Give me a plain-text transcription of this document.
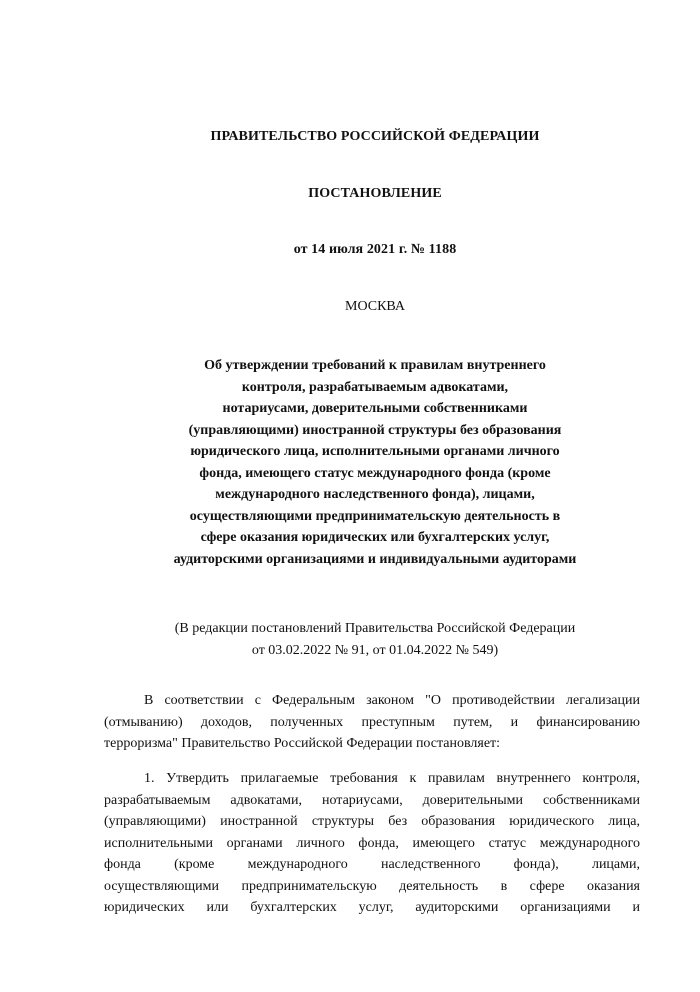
ПРАВИТЕЛЬСТВО РОССИЙСКОЙ ФЕДЕРАЦИИ
ПОСТАНОВЛЕНИЕ
от 14 июля 2021 г. № 1188
МОСКВА
Об утверждении требований к правилам внутреннего
контроля, разрабатываемым адвокатами,
нотариусами, доверительными собственниками
(управляющими) иностранной структуры без образования
юридического лица, исполнительными органами личного
фонда, имеющего статус международного фонда (кроме
международного наследственного фонда), лицами,
осуществляющими предпринимательскую деятельность в
сфере оказания юридических или бухгалтерских услуг,
аудиторскими организациями и индивидуальными аудиторами
(В редакции постановлений Правительства Российской Федерации
от 03.02.2022 № 91, от 01.04.2022 № 549)
В соответствии с Федеральным законом "О противодействии легализации
(отмыванию) доходов, полученных преступным путем, и финансированию
терроризма" Правительство Российской Федерации постановляет:
1. Утвердить прилагаемые требования к правилам внутреннего контроля,
разрабатываемым адвокатами, нотариусами, доверительными собственниками
(управляющими) иностранной структуры без образования юридического лица,
исполнительными органами личного фонда, имеющего статус международного
фонда (кроме международного наследственного фонда), лицами,
осуществляющими предпринимательскую деятельность в сфере оказания
юридических или бухгалтерских услуг, аудиторскими организациями и
